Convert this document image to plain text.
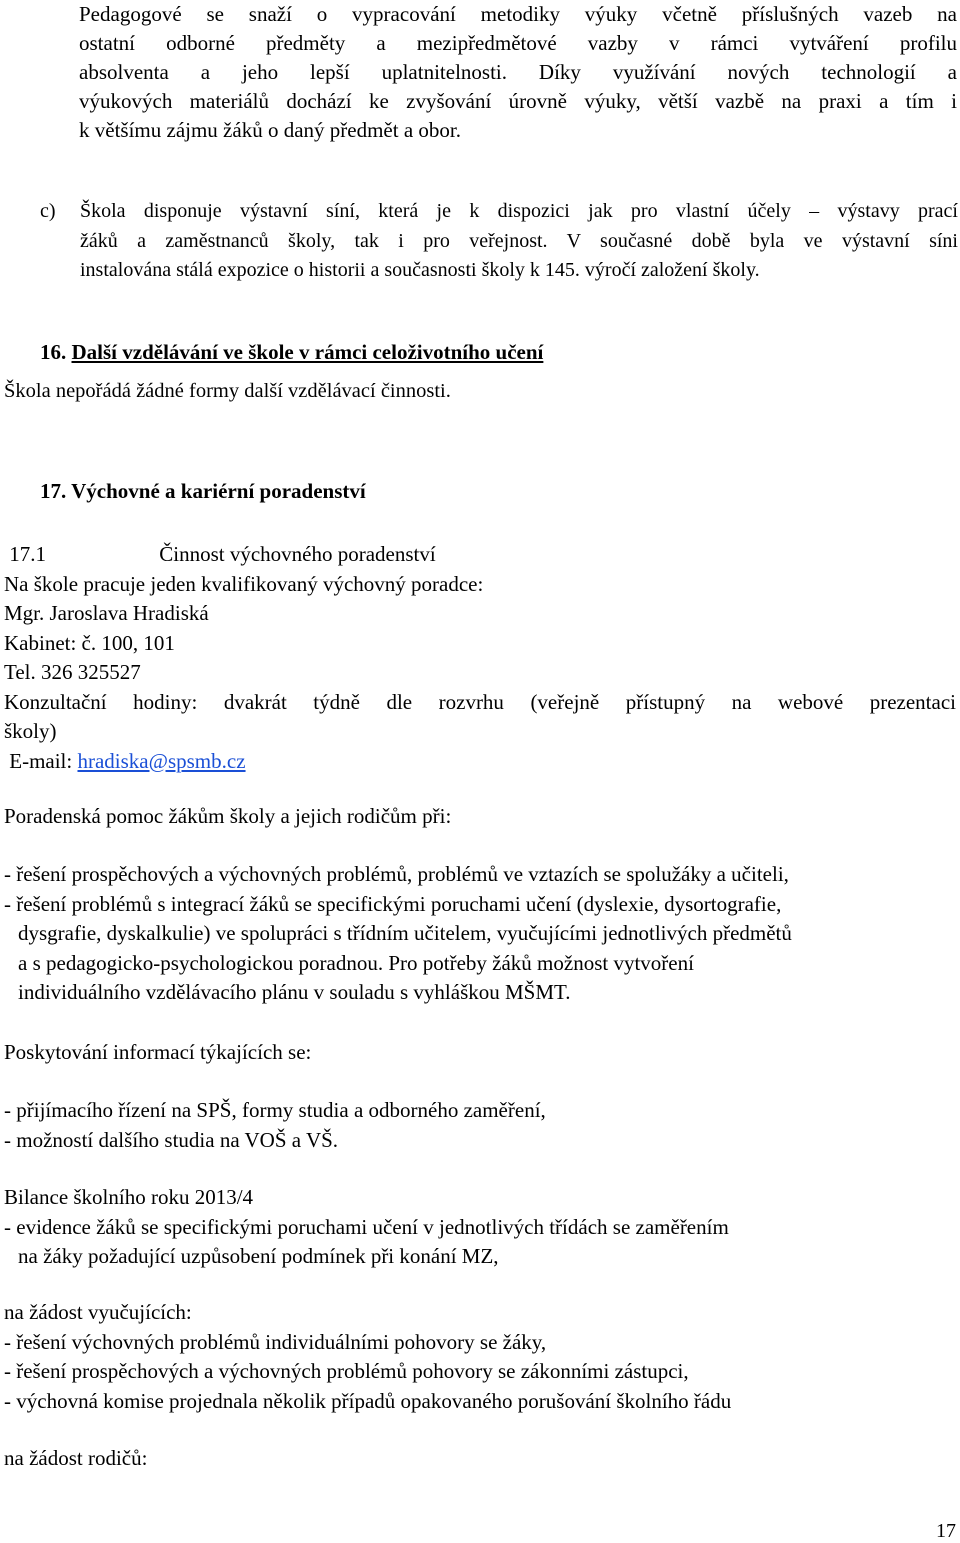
Pedagogové se snaží o vypracování metodiky výuky včetně příslušných vazeb na
ostatní odborné předměty a mezipředmětové vazby v rámci vytváření profilu
absolventa a jeho lepší uplatnitelnosti. Díky využívání nových technologií a
výukových materiálů dochází ke zvyšování úrovně výuky, větší vazbě na praxi a tím i
k většímu zájmu žáků o daný předmět a obor.
c)	Škola disponuje výstavní síní, která je k dispozici jak pro vlastní účely – výstavy prací
žáků a zaměstnanců školy, tak i pro veřejnost. V současné době byla ve výstavní síni
instalována stálá expozice o historii a současnosti školy k 145. výročí založení školy.
16. Další vzdělávání ve škole v rámci celoživotního učení

Škola nepořádá žádné formy další vzdělávací činnosti.

17. Výchovné a kariérní poradenství
17.1	Činnost výchovného poradenství
Na škole pracuje jeden kvalifikovaný výchovný poradce:
Mgr. Jaroslava Hradiská
Kabinet: č. 100, 101
Tel. 326 325527
Konzultační hodiny: dvakrát týdně dle rozvrhu (veřejně přístupný na webové prezentaci
školy)
E-mail: hradiska@spsmb.cz

Poradenská pomoc žákům školy a jejich rodičům při:

- řešení prospěchových a výchovných problémů, problémů ve vztazích se spolužáky a učiteli,
- řešení problémů s integrací žáků se specifickými poruchami učení (dyslexie, dysortografie,
dysgrafie, dyskalkulie) ve spolupráci s třídním učitelem, vyučujícími jednotlivých předmětů
a s pedagogicko-psychologickou poradnou. Pro potřeby žáků možnost vytvoření
individuálního vzdělávacího plánu v souladu s vyhláškou MŠMT.

Poskytování informací týkajících se:

- přijímacího řízení na SPŠ, formy studia a odborného zaměření,
- možností dalšího studia na VOŠ a VŠ.
Bilance školního roku 2013/4
- evidence žáků se specifickými poruchami učení v jednotlivých třídách se zaměřením
na žáky požadující uzpůsobení podmínek při konání MZ,
na žádost vyučujících:
- řešení výchovných problémů individuálními pohovory se žáky,
- řešení prospěchových a výchovných problémů pohovory se zákonními zástupci,
- výchovná komise projednala několik případů opakovaného porušování školního řádu

na žádost rodičů:

17
